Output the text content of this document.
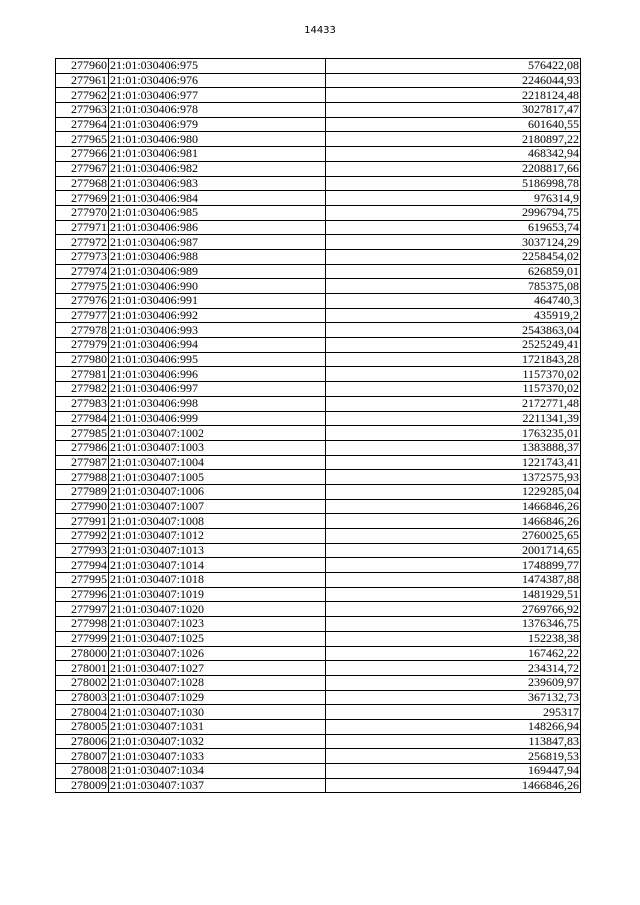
14433
277960	21:01:030406:975	576422,08
277961	21:01:030406:976	2246044,93
277962	21:01:030406:977	2218124,48
277963	21:01:030406:978	3027817,47
277964	21:01:030406:979	601640,55
277965	21:01:030406:980	2180897,22
277966	21:01:030406:981	468342,94
277967	21:01:030406:982	2208817,66
277968	21:01:030406:983	5186998,78
277969	21:01:030406:984	976314,9
277970	21:01:030406:985	2996794,75
277971	21:01:030406:986	619653,74
277972	21:01:030406:987	3037124,29
277973	21:01:030406:988	2258454,02
277974	21:01:030406:989	626859,01
277975	21:01:030406:990	785375,08
277976	21:01:030406:991	464740,3
277977	21:01:030406:992	435919,2
277978	21:01:030406:993	2543863,04
277979	21:01:030406:994	2525249,41
277980	21:01:030406:995	1721843,28
277981	21:01:030406:996	1157370,02
277982	21:01:030406:997	1157370,02
277983	21:01:030406:998	2172771,48
277984	21:01:030406:999	2211341,39
277985	21:01:030407:1002	1763235,01
277986	21:01:030407:1003	1383888,37
277987	21:01:030407:1004	1221743,41
277988	21:01:030407:1005	1372575,93
277989	21:01:030407:1006	1229285,04
277990	21:01:030407:1007	1466846,26
277991	21:01:030407:1008	1466846,26
277992	21:01:030407:1012	2760025,65
277993	21:01:030407:1013	2001714,65
277994	21:01:030407:1014	1748899,77
277995	21:01:030407:1018	1474387,88
277996	21:01:030407:1019	1481929,51
277997	21:01:030407:1020	2769766,92
277998	21:01:030407:1023	1376346,75
277999	21:01:030407:1025	152238,38
278000	21:01:030407:1026	167462,22
278001	21:01:030407:1027	234314,72
278002	21:01:030407:1028	239609,97
278003	21:01:030407:1029	367132,73
278004	21:01:030407:1030	295317
278005	21:01:030407:1031	148266,94
278006	21:01:030407:1032	113847,83
278007	21:01:030407:1033	256819,53
278008	21:01:030407:1034	169447,94
278009	21:01:030407:1037	1466846,26
